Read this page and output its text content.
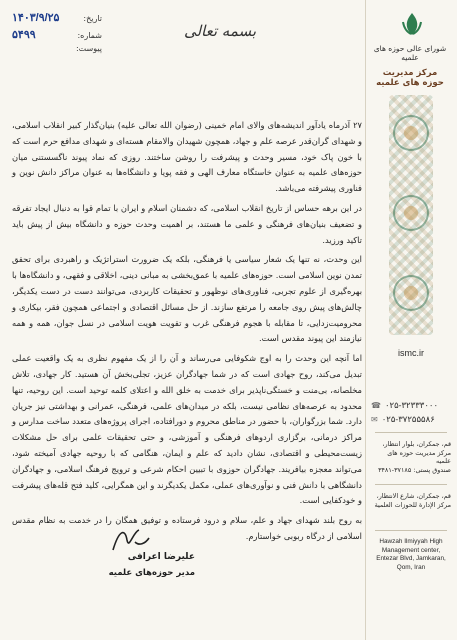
تاریخ:
۱۴۰۳/۹/۲۵
شماره:
۵۴۹۹
پیوست:
بسمه تعالی
شورای عالی حوزه های علمیه
مرکز مدیریت حوزه های علمیه
ismc.ir
۰۲۵-۳۲۳۳۳۰۰۰
☎
۰۲۵-۳۷۲۵۵۵۸۶
✉
قم، جمکران، بلوار انتظار، مرکز مدیریت حوزه های علمیه
صندوق پستی: ۳۷۱۸۵-۳۴۸۱
قم، جمکران، شارع الانتظار، مرکز الإدارة للحوزات العلمیة
Hawzah Ilmiyyah High Management center, Entezar Blvd, Jamkaran, Qom, Iran

۲۷ آذرماه یادآور اندیشه‌های والای امام خمینی (رضوان الله تعالی علیه) بنیان‌گذار کبیر انقلاب اسلامی، و شهدای گران‌قدر عرصه علم و جهاد، همچون شهیدان والامقام هسته‌ای و شهدای مدافع حرم است که با خون پاک خود، مسیر وحدت و پیشرفت را روشن ساختند. روزی که نماد پیوند ناگسستنی میان حوزه‌های علمیه به عنوان خاستگاه معارف الهی و فقه پویا و دانشگاه‌ها به عنوان مراکز دانش نوین و فناوری پیشرفته می‌باشد.

در این برهه حساس از تاریخ انقلاب اسلامی، که دشمنان اسلام و ایران با تمام قوا به دنبال ایجاد تفرقه و تضعیف بنیان‌های فرهنگی و علمی ما هستند، بر اهمیت وحدت حوزه و دانشگاه بیش از پیش باید تاکید ورزید.

این وحدت، نه تنها یک شعار سیاسی یا فرهنگی، بلکه یک ضرورت استراتژیک و راهبردی برای تحقق تمدن نوین اسلامی است. حوزه‌های علمیه با عمق‌بخشی به مبانی دینی، اخلاقی و فقهی، و دانشگاه‌ها با بهره‌گیری از علوم تجربی، فناوری‌های نوظهور و تحقیقات کاربردی، می‌توانند دست در دست یکدیگر، چالش‌های پیش روی جامعه را مرتفع سازند. از حل مسائل اقتصادی و اجتماعی همچون فقر، بیکاری و محرومیت‌زدایی، تا مقابله با هجوم فرهنگی غرب و تقویت هویت اسلامی در نسل جوان، همه و همه نیازمند این پیوند مقدس است.

اما آنچه این وحدت را به اوج شکوفایی می‌رساند و آن را از یک مفهوم نظری به یک واقعیت عملی تبدیل می‌کند، روح جهادی است که در شما جهادگران عزیز، تجلی‌بخش آن هستید. کار جهادی، تلاش مخلصانه، بی‌منت و خستگی‌ناپذیر برای خدمت به خلق الله و اعتلای کلمه توحید است. این روحیه، تنها محدود به عرصه‌های نظامی نیست، بلکه در میدان‌های علمی، فرهنگی، عمرانی و بهداشتی نیز جریان دارد. شما بزرگواران، با حضور در مناطق محروم و دورافتاده، اجرای پروژه‌های متعدد ساخت مدارس و مراکز درمانی، برگزاری اردوهای فرهنگی و آموزشی، و حتی تحقیقات علمی برای حل مشکلات زیست‌محیطی و اقتصادی، نشان دادید که علم و ایمان، هنگامی که با روحیه جهادی آمیخته شود، می‌تواند معجزه بیافریند. جهادگران حوزوی با تبیین احکام شرعی و ترویج فرهنگ اسلامی، و جهادگران دانشگاهی با دانش فنی و نوآوری‌های عملی، مکمل یکدیگرند و این همگرایی، کلید فتح قله‌های پیشرفت و خودکفایی است.

به روح بلند شهدای جهاد و علم، سلام و درود فرستاده و توفیق همگان را در خدمت به نظام مقدس اسلامی از درگاه ربوبی خواستارم.

علیرضا اعرافی
مدیر حوزه‌های علمیه
